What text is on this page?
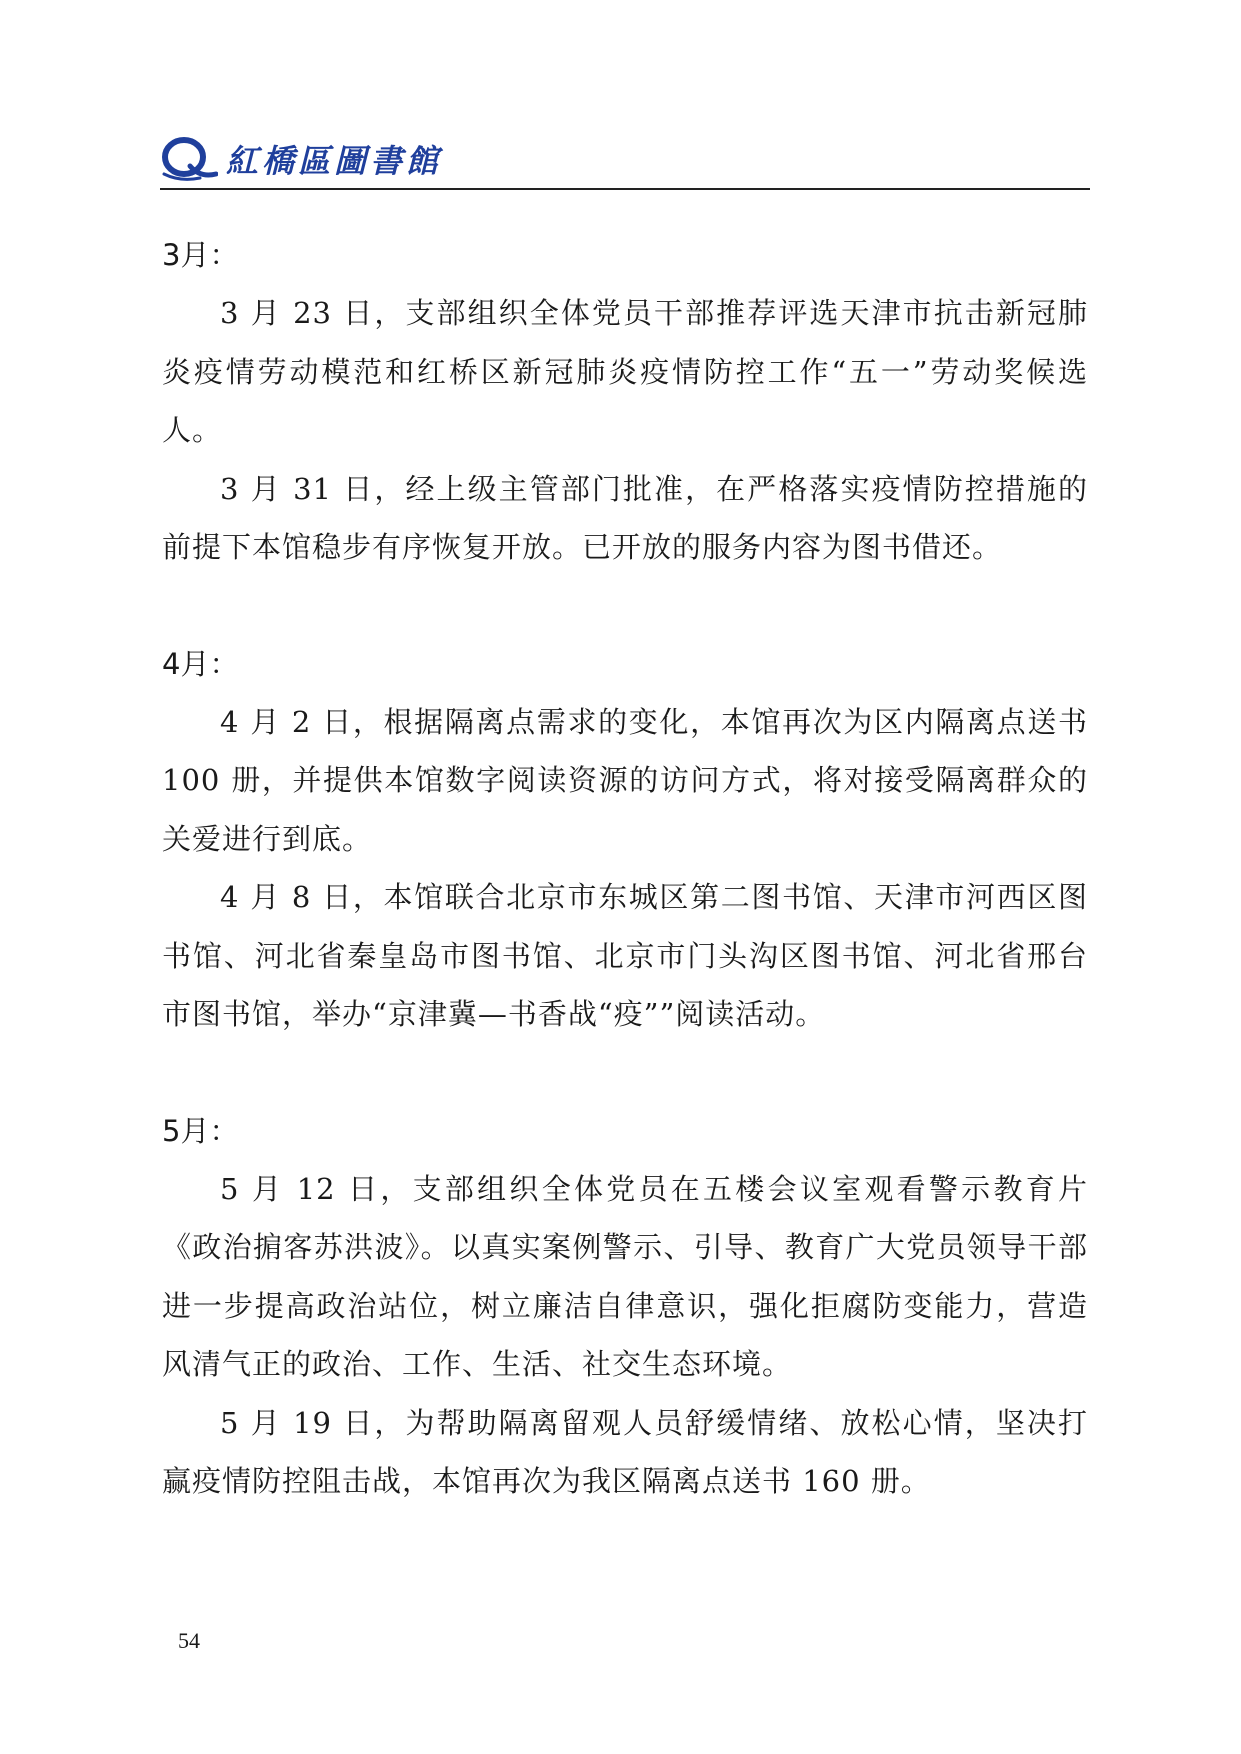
紅橋區圖書館

3月：

3 月 23 日，支部组织全体党员干部推荐评选天津市抗击新冠肺炎疫情劳动模范和红桥区新冠肺炎疫情防控工作“五一”劳动奖候选人。

3 月 31 日，经上级主管部门批准，在严格落实疫情防控措施的前提下本馆稳步有序恢复开放。已开放的服务内容为图书借还。

4月：

4 月 2 日，根据隔离点需求的变化，本馆再次为区内隔离点送书 100 册，并提供本馆数字阅读资源的访问方式，将对接受隔离群众的关爱进行到底。

4 月 8 日，本馆联合北京市东城区第二图书馆、天津市河西区图书馆、河北省秦皇岛市图书馆、北京市门头沟区图书馆、河北省邢台市图书馆，举办“京津冀—书香战“疫””阅读活动。

5月：

5 月 12 日，支部组织全体党员在五楼会议室观看警示教育片《政治掮客苏洪波》。以真实案例警示、引导、教育广大党员领导干部进一步提高政治站位，树立廉洁自律意识，强化拒腐防变能力，营造风清气正的政治、工作、生活、社交生态环境。

5 月 19 日，为帮助隔离留观人员舒缓情绪、放松心情，坚决打赢疫情防控阻击战，本馆再次为我区隔离点送书 160 册。

54
